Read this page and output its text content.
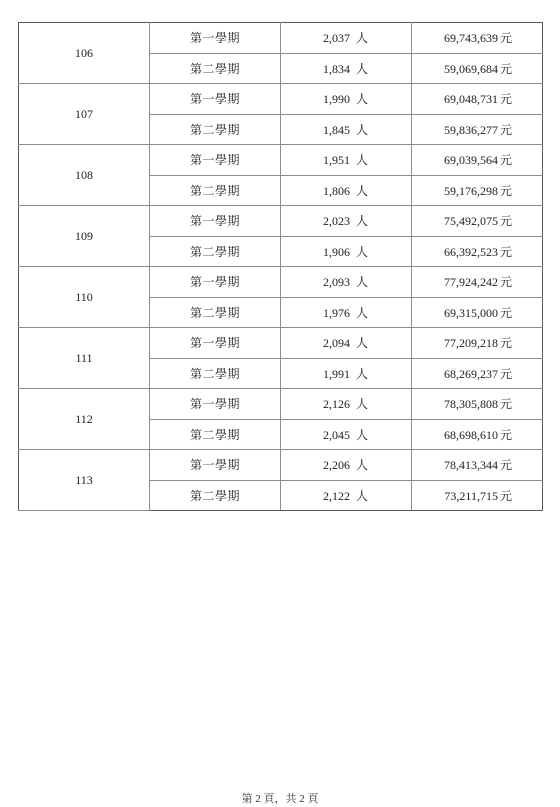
106	第一學期	2,037 人	69,743,639 元
	第二學期	1,834 人	59,069,684 元
107	第一學期	1,990 人	69,048,731 元
	第二學期	1,845 人	59,836,277 元
108	第一學期	1,951 人	69,039,564 元
	第二學期	1,806 人	59,176,298 元
109	第一學期	2,023 人	75,492,075 元
	第二學期	1,906 人	66,392,523 元
110	第一學期	2,093 人	77,924,242 元
	第二學期	1,976 人	69,315,000 元
111	第一學期	2,094 人	77,209,218 元
	第二學期	1,991 人	68,269,237 元
112	第一學期	2,126 人	78,305,808 元
	第二學期	2,045 人	68,698,610 元
113	第一學期	2,206 人	78,413,344 元
	第二學期	2,122 人	73,211,715 元
第 2 頁，共 2 頁
